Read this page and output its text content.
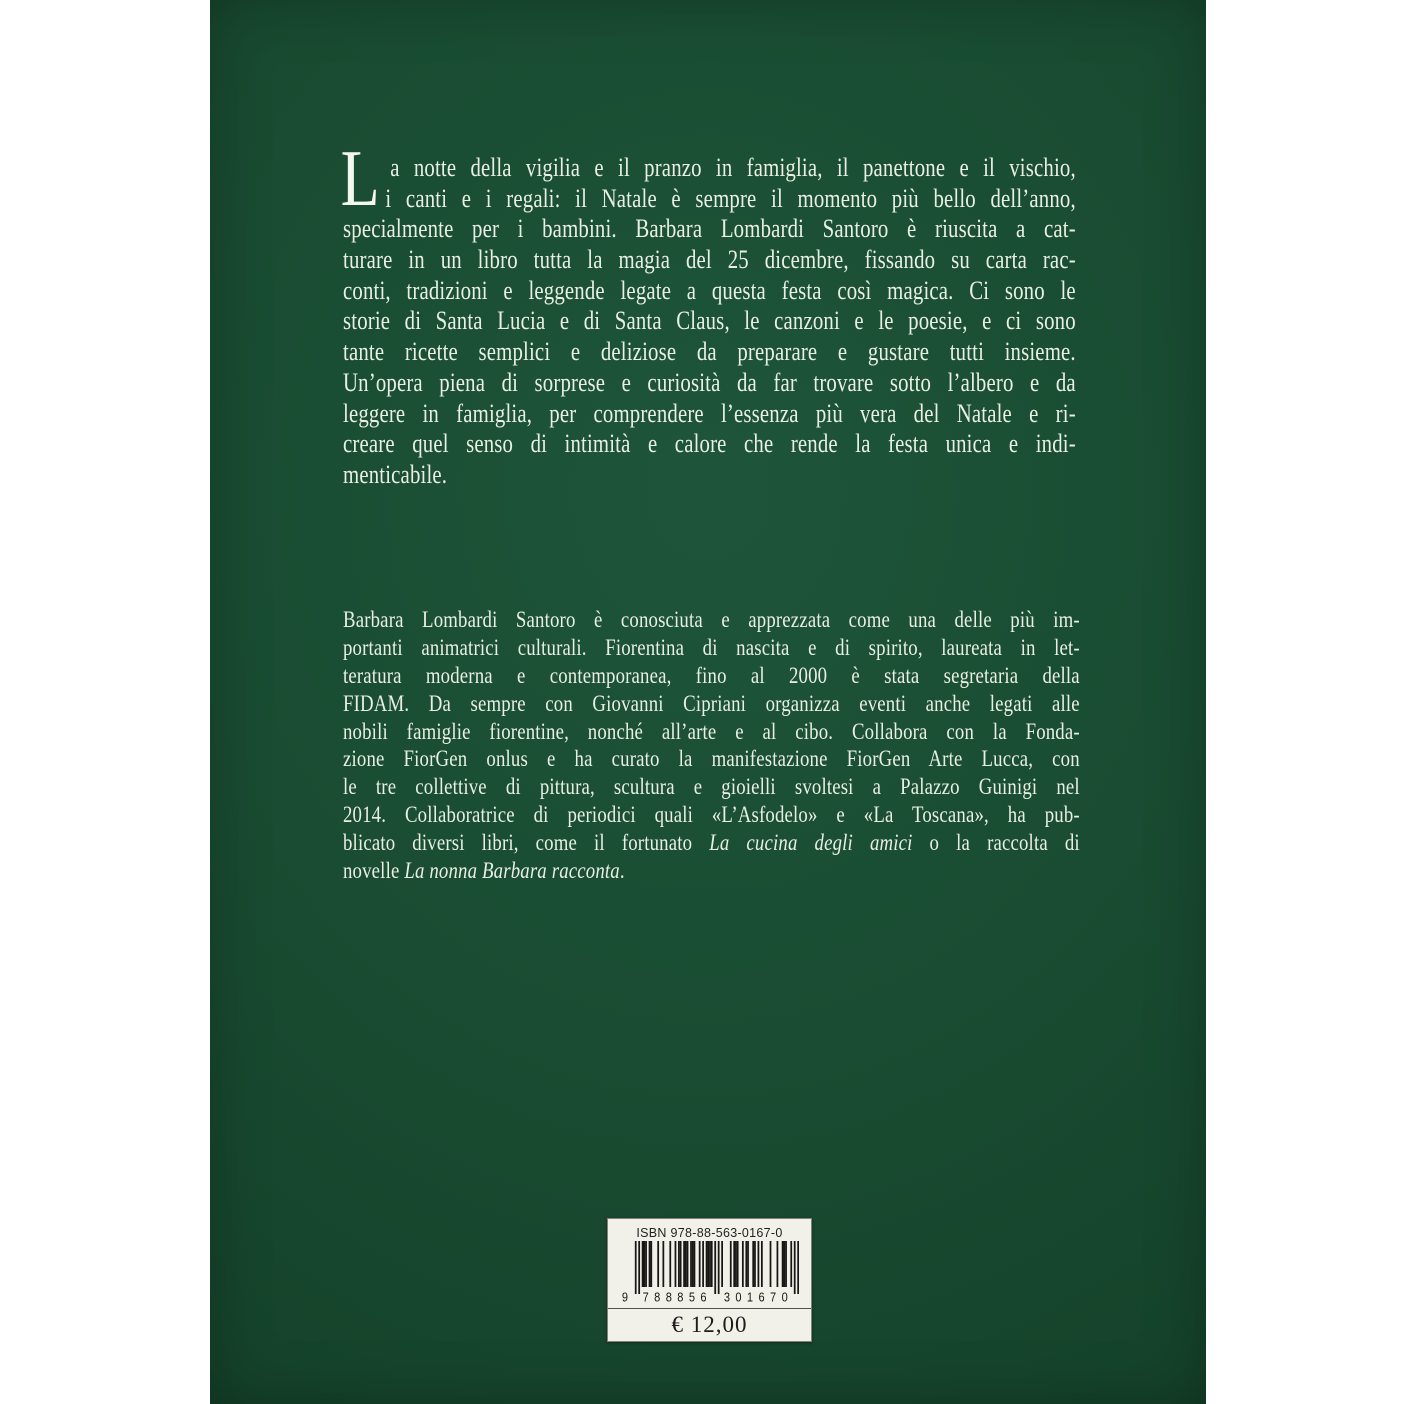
L a notte della vigilia e il pranzo in famiglia, il panettone e il vischio,
i canti e i regali: il Natale è sempre il momento più bello dell’anno,
specialmente per i bambini. Barbara Lombardi Santoro è riuscita a cat-
turare in un libro tutta la magia del 25 dicembre, fissando su carta rac-
conti, tradizioni e leggende legate a questa festa così magica. Ci sono le
storie di Santa Lucia e di Santa Claus, le canzoni e le poesie, e ci sono
tante ricette semplici e deliziose da preparare e gustare tutti insieme.
Un’opera piena di sorprese e curiosità da far trovare sotto l’albero e da
leggere in famiglia, per comprendere l’essenza più vera del Natale e ri-
creare quel senso di intimità e calore che rende la festa unica e indi-
menticabile.
Barbara Lombardi Santoro è conosciuta e apprezzata come una delle più im-
portanti animatrici culturali. Fiorentina di nascita e di spirito, laureata in let-
teratura moderna e contemporanea, fino al 2000 è stata segretaria della
FIDAM. Da sempre con Giovanni Cipriani organizza eventi anche legati alle
nobili famiglie fiorentine, nonché all’arte e al cibo. Collabora con la Fonda-
zione FiorGen onlus e ha curato la manifestazione FiorGen Arte Lucca, con
le tre collettive di pittura, scultura e gioielli svoltesi a Palazzo Guinigi nel
2014. Collaboratrice di periodici quali «L’Asfodelo» e «La Toscana», ha pub-
blicato diversi libri, come il fortunato La cucina degli amici o la raccolta di
novelle La nonna Barbara racconta.
ISBN 978-88-563-0167-0
9 788856	301670
€ 12,00
